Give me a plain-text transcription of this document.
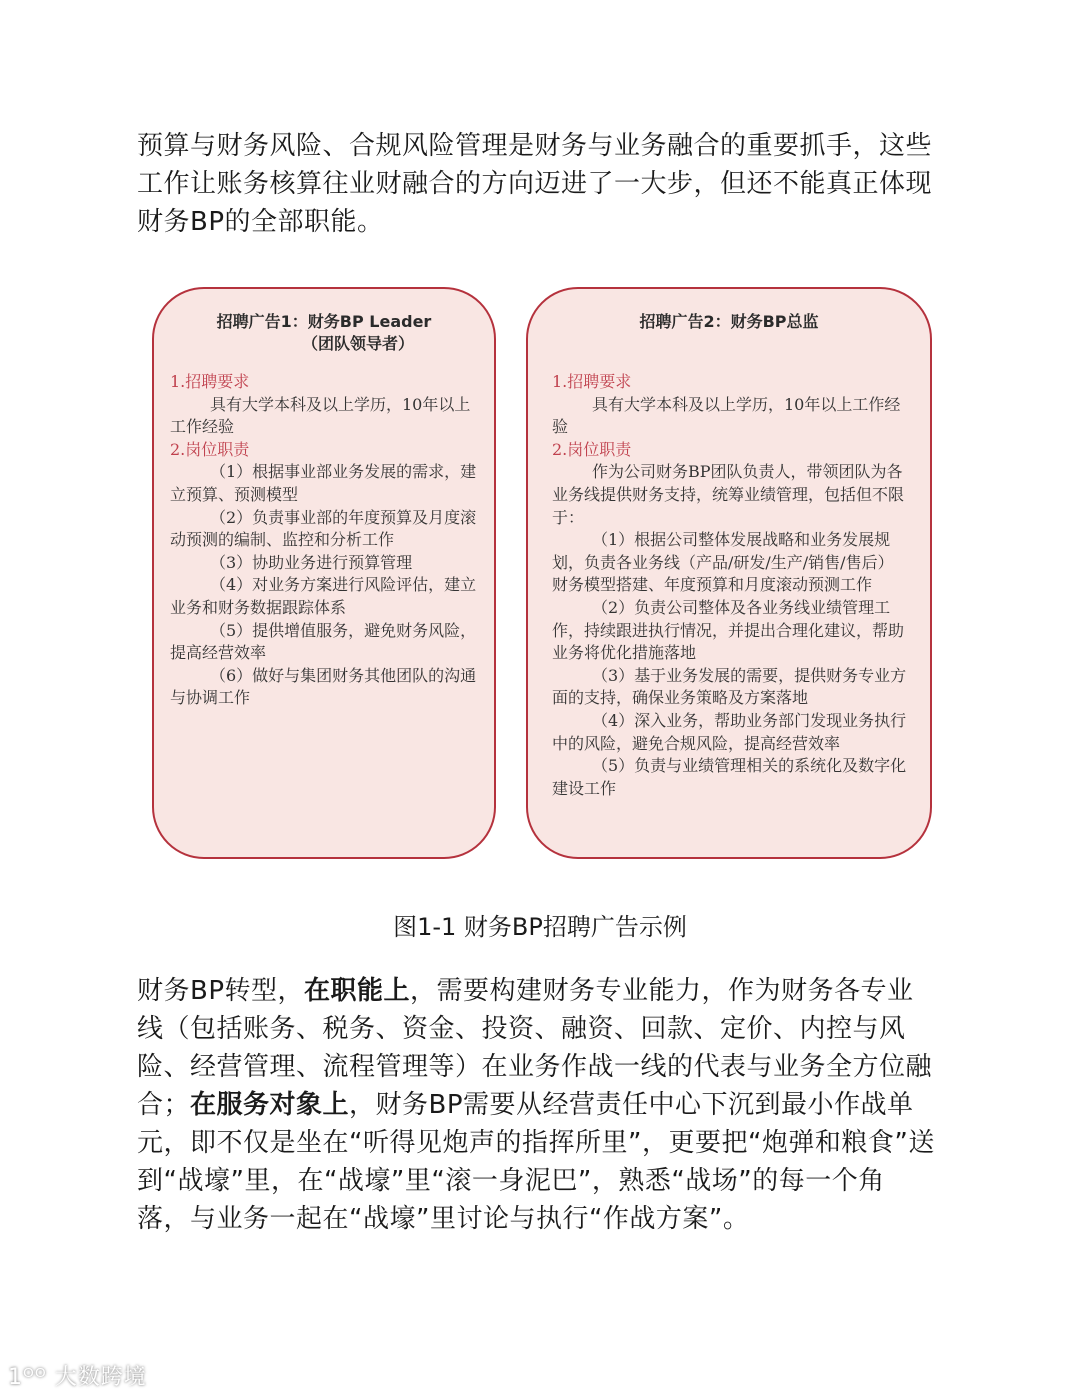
预算与财务风险、合规风险管理是财务与业务融合的重要抓手，这些工作让账务核算往业财融合的方向迈进了一大步，但还不能真正体现财务BP的全部职能。

招聘广告1：财务BP Leader
（团队领导者）

1.招聘要求

具有大学本科及以上学历，10年以上工作经验

2.岗位职责

（1）根据事业部业务发展的需求，建立预算、预测模型

（2）负责事业部的年度预算及月度滚动预测的编制、监控和分析工作

（3）协助业务进行预算管理

（4）对业务方案进行风险评估，建立业务和财务数据跟踪体系

（5）提供增值服务，避免财务风险，提高经营效率

（6）做好与集团财务其他团队的沟通与协调工作

招聘广告2：财务BP总监

1.招聘要求

具有大学本科及以上学历，10年以上工作经验

2.岗位职责

作为公司财务BP团队负责人，带领团队为各业务线提供财务支持，统筹业绩管理，包括但不限于：

（1）根据公司整体发展战略和业务发展规划，负责各业务线（产品/研发/生产/销售/售后）财务模型搭建、年度预算和月度滚动预测工作

（2）负责公司整体及各业务线业绩管理工作，持续跟进执行情况，并提出合理化建议，帮助业务将优化措施落地

（3）基于业务发展的需要，提供财务专业方面的支持，确保业务策略及方案落地

（4）深入业务，帮助业务部门发现业务执行中的风险，避免合规风险，提高经营效率

（5）负责与业绩管理相关的系统化及数字化建设工作

图1-1 财务BP招聘广告示例

财务BP转型，在职能上，需要构建财务专业能力，作为财务各专业线（包括账务、税务、资金、投资、融资、回款、定价、内控与风险、经营管理、流程管理等）在业务作战一线的代表与业务全方位融合；在服务对象上，财务BP需要从经营责任中心下沉到最小作战单元，即不仅是坐在“听得见炮声的指挥所里”，更要把“炮弹和粮食”送到“战壕”里，在“战壕”里“滚一身泥巴”，熟悉“战场”的每一个角落，与业务一起在“战壕”里讨论与执行“作战方案”。

1ᴼᴼ 大数跨境
